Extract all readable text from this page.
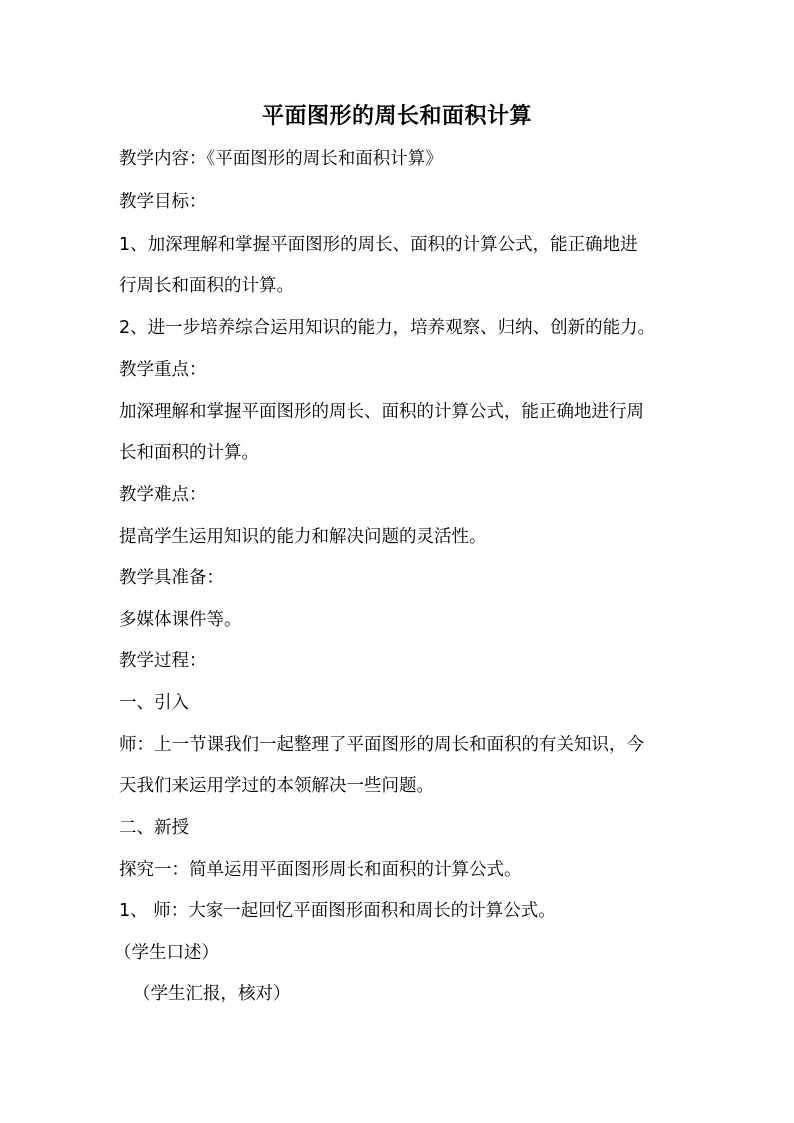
平面图形的周长和面积计算
教学内容：《平面图形的周长和面积计算》
教学目标：
1、加深理解和掌握平面图形的周长、面积的计算公式，能正确地进
行周长和面积的计算。
2、进一步培养综合运用知识的能力，培养观察、归纳、创新的能力。
教学重点：
加深理解和掌握平面图形的周长、面积的计算公式，能正确地进行周
长和面积的计算。
教学难点：
提高学生运用知识的能力和解决问题的灵活性。
教学具准备：
多媒体课件等。
教学过程：
一、引入
师：上一节课我们一起整理了平面图形的周长和面积的有关知识，今
天我们来运用学过的本领解决一些问题。
二、新授
探究一：简单运用平面图形周长和面积的计算公式。
1、 师：大家一起回忆平面图形面积和周长的计算公式。
（学生口述）
（学生汇报，核对）
